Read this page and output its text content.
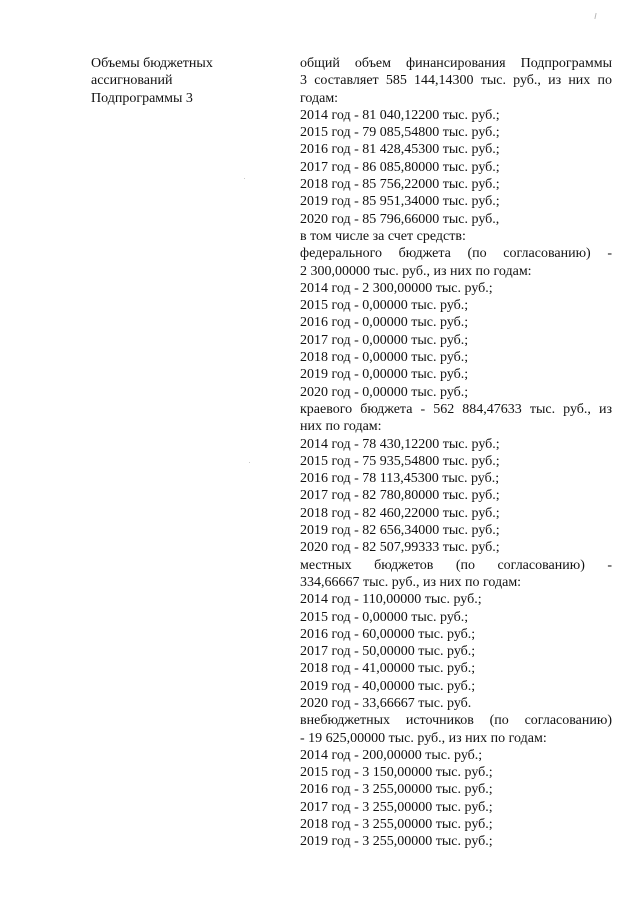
Объемы бюджетных
ассигнований
Подпрограммы 3
общий объем финансирования Подпрограммы
3 составляет 585 144,14300 тыс. руб., из них по
годам:
2014 год - 81 040,12200 тыс. руб.;
2015 год - 79 085,54800 тыс. руб.;
2016 год - 81 428,45300 тыс. руб.;
2017 год - 86 085,80000 тыс. руб.;
2018 год - 85 756,22000 тыс. руб.;
2019 год - 85 951,34000 тыс. руб.;
2020 год - 85 796,66000 тыс. руб.,
в том числе за счет средств:
федерального бюджета (по согласованию) -
2 300,00000 тыс. руб., из них по годам:
2014 год - 2 300,00000 тыс. руб.;
2015 год - 0,00000 тыс. руб.;
2016 год - 0,00000 тыс. руб.;
2017 год - 0,00000 тыс. руб.;
2018 год - 0,00000 тыс. руб.;
2019 год - 0,00000 тыс. руб.;
2020 год - 0,00000 тыс. руб.;
краевого бюджета - 562 884,47633 тыс. руб., из
них по годам:
2014 год - 78 430,12200 тыс. руб.;
2015 год - 75 935,54800 тыс. руб.;
2016 год - 78 113,45300 тыс. руб.;
2017 год - 82 780,80000 тыс. руб.;
2018 год - 82 460,22000 тыс. руб.;
2019 год - 82 656,34000 тыс. руб.;
2020 год - 82 507,99333 тыс. руб.;
местных бюджетов (по согласованию) -
334,66667 тыс. руб., из них по годам:
2014 год - 110,00000 тыс. руб.;
2015 год - 0,00000 тыс. руб.;
2016 год - 60,00000 тыс. руб.;
2017 год - 50,00000 тыс. руб.;
2018 год - 41,00000 тыс. руб.;
2019 год - 40,00000 тыс. руб.;
2020 год - 33,66667 тыс. руб.
внебюджетных источников (по согласованию)
- 19 625,00000 тыс. руб., из них по годам:
2014 год - 200,00000 тыс. руб.;
2015 год - 3 150,00000 тыс. руб.;
2016 год - 3 255,00000 тыс. руб.;
2017 год - 3 255,00000 тыс. руб.;
2018 год - 3 255,00000 тыс. руб.;
2019 год - 3 255,00000 тыс. руб.;
